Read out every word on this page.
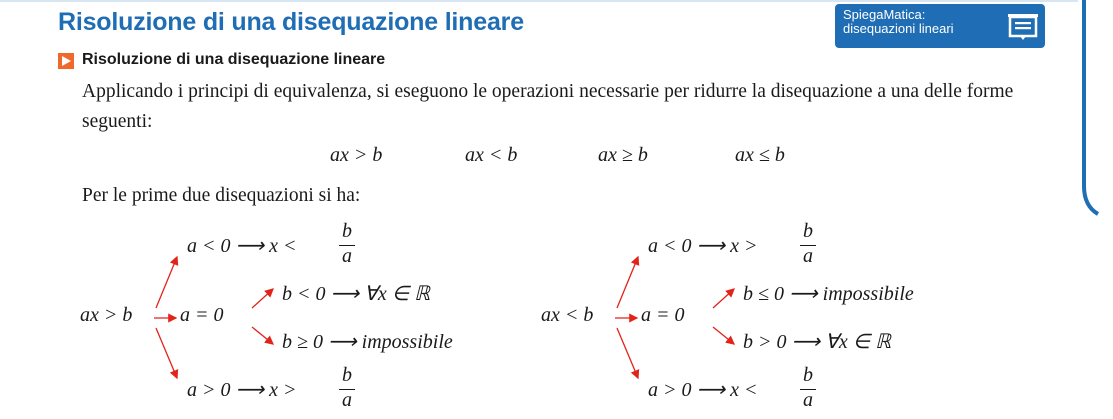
Risoluzione di una disequazione lineare	SpiegaMatica:
disequazioni lineari
Risoluzione di una disequazione lineare
Applicando i principi di equivalenza, si eseguono le operazioni necessarie per ridurre la disequazione a una delle forme seguenti:
ax > b	ax < b	ax ≥ b	ax ≤ b
Per le prime due disequazioni si ha:
ax > b
a < 0 ⟶ x <
b
a
a = 0
b < 0 ⟶ ∀x ∈ ℝ
b ≥ 0 ⟶ impossibile
a > 0 ⟶ x >
b
a
ax < b
a < 0 ⟶ x >
b
a
a = 0
b ≤ 0 ⟶ impossibile
b > 0 ⟶ ∀x ∈ ℝ
a > 0 ⟶ x <
b
a
